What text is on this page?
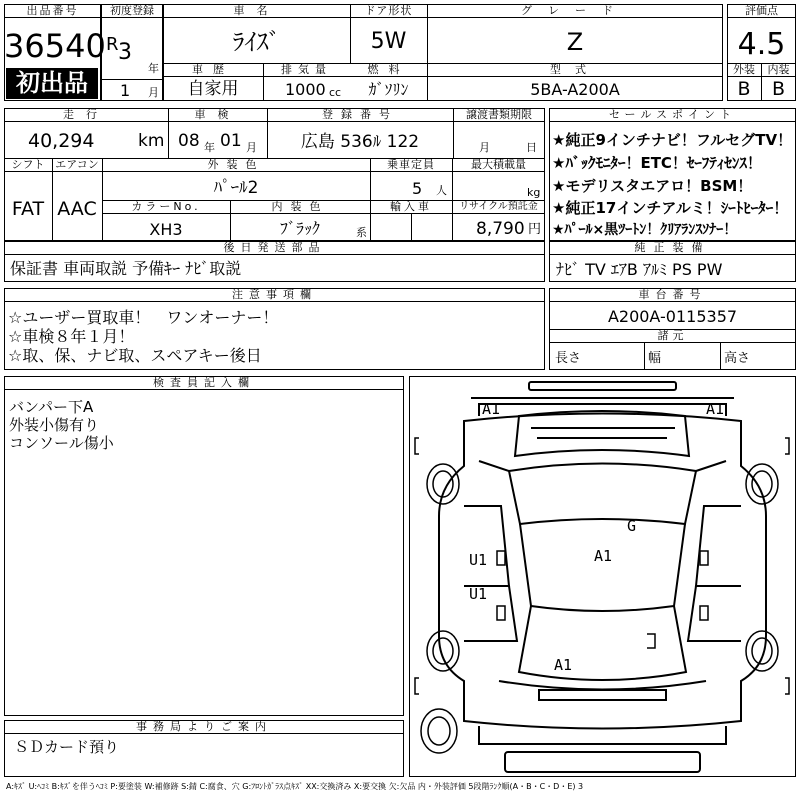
出品番号
36540
初出品
初度登録
R 3
年
1 月
車名
ﾗｲｽﾞ
ドア形状
5W
グレード
Z
車歴	排気量	燃料	型式
自家用	1000 cc	ｶﾞｿﾘﾝ	5BA-A200A
評価点
4.5
外装	内装
B	B
走行
40,294	km
車検
08 年 01 月
登録番号
広島 536ﾙ 122
譲渡書類期限
月	日
シフト
FAT
エアコン
AAC
外装色
ﾊﾟｰﾙ2
乗車定員
5 人
最大積載量
kg
カラーNo.
XH3
内装色
ﾌﾞﾗｯｸ	系
輸入車	リサイクル預託金
8,790 円
後日発送部品
保証書 車両取説 予備ｷｰ ﾅﾋﾞ取説
セールスポイント
★純正9インチナビ！フルセグTV！
★ﾊﾞｯｸﾓﾆﾀｰ！ETC！ｾｰﾌﾃｨｾﾝｽ！
★モデリスタエアロ！BSM！
★純正17インチアルミ！ｼｰﾄﾋｰﾀｰ！
★ﾊﾟｰﾙ×黒ﾂｰﾄﾝ！ｸﾘｱﾗﾝｽｿﾅｰ！
純正装備
ﾅﾋﾞ TV ｴｱB ｱﾙﾐ PS PW
注意事項欄
☆ユーザー買取車！　ワンオーナー！
☆車検８年１月！
☆取、保、ナビ取、スペアキー後日
車台番号
A200A-0115357
諸元
長さ	幅	高さ
検査員記入欄
バンパー下A
外装小傷有り
コンソール傷小
事務局よりご案内
ＳＤカード預り
A1	A1
G
A1
U1
U1
A1
A:ｷｽﾞ U:ﾍｺﾐ B:ｷｽﾞを伴うﾍｺﾐ P:要塗装 W:補修跡 S:錆 C:腐食、穴 G:ﾌﾛﾝﾄｶﾞﾗｽ点ｷｽﾞ XX:交換済み X:要交換 欠:欠品 内・外装評価 5段階ﾗﾝｸ順(A・B・C・D・E) 3
